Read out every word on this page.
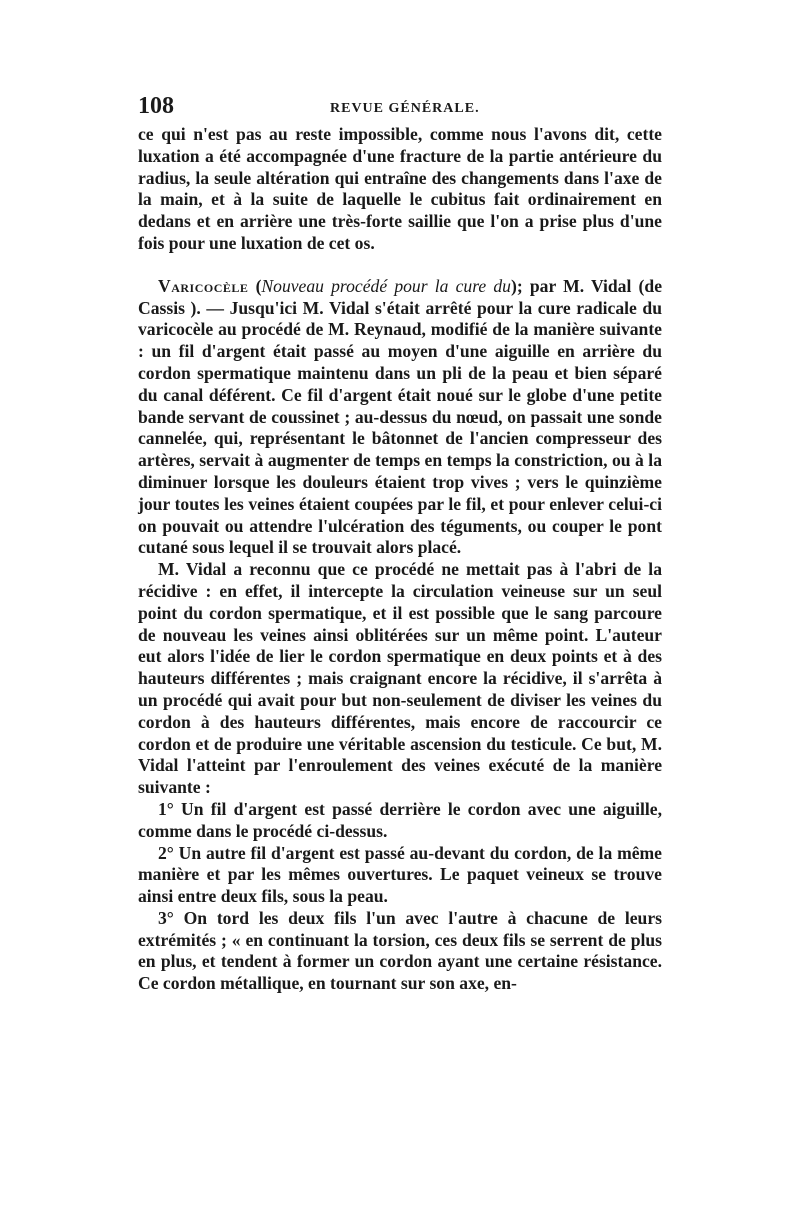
108	REVUE GÉNÉRALE.

ce qui n'est pas au reste impossible, comme nous l'avons dit, cette luxation a été accompagnée d'une fracture de la partie antérieure du radius, la seule altération qui entraîne des changements dans l'axe de la main, et à la suite de laquelle le cubitus fait ordinairement en dedans et en arrière une très-forte saillie que l'on a prise plus d'une fois pour une luxation de cet os.

Varicocèle (Nouveau procédé pour la cure du); par M. Vidal (de Cassis ). — Jusqu'ici M. Vidal s'était arrêté pour la cure radicale du varicocèle au procédé de M. Reynaud, modifié de la manière suivante : un fil d'argent était passé au moyen d'une aiguille en arrière du cordon spermatique maintenu dans un pli de la peau et bien séparé du canal déférent. Ce fil d'argent était noué sur le globe d'une petite bande servant de coussinet ; au-dessus du nœud, on passait une sonde cannelée, qui, représentant le bâtonnet de l'ancien compresseur des artères, servait à augmenter de temps en temps la constriction, ou à la diminuer lorsque les douleurs étaient trop vives ; vers le quinzième jour toutes les veines étaient coupées par le fil, et pour enlever celui-ci on pouvait ou attendre l'ulcération des téguments, ou couper le pont cutané sous lequel il se trouvait alors placé.

M. Vidal a reconnu que ce procédé ne mettait pas à l'abri de la récidive : en effet, il intercepte la circulation veineuse sur un seul point du cordon spermatique, et il est possible que le sang parcoure de nouveau les veines ainsi oblitérées sur un même point. L'auteur eut alors l'idée de lier le cordon spermatique en deux points et à des hauteurs différentes ; mais craignant encore la récidive, il s'arrêta à un procédé qui avait pour but non-seulement de diviser les veines du cordon à des hauteurs différentes, mais encore de raccourcir ce cordon et de produire une véritable ascension du testicule. Ce but, M. Vidal l'atteint par l'enroulement des veines exécuté de la manière suivante :

1° Un fil d'argent est passé derrière le cordon avec une aiguille, comme dans le procédé ci-dessus.

2° Un autre fil d'argent est passé au-devant du cordon, de la même manière et par les mêmes ouvertures. Le paquet veineux se trouve ainsi entre deux fils, sous la peau.

3° On tord les deux fils l'un avec l'autre à chacune de leurs extrémités ; « en continuant la torsion, ces deux fils se serrent de plus en plus, et tendent à former un cordon ayant une certaine résistance. Ce cordon métallique, en tournant sur son axe, en-
